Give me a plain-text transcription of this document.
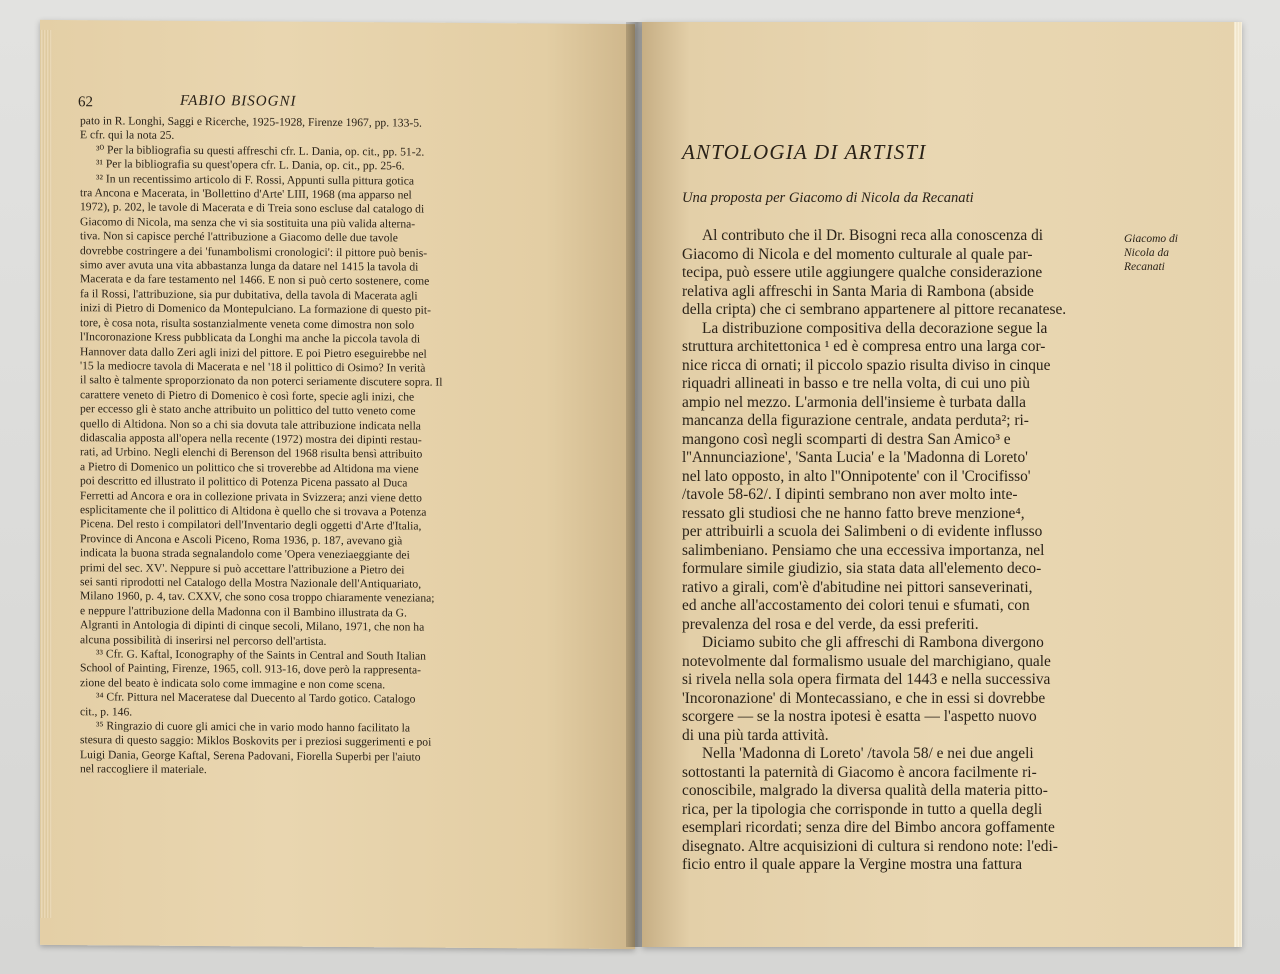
62	FABIO BISOGNI
pato in R. Longhi, Saggi e Ricerche, 1925-1928, Firenze 1967, pp. 133-5.
E cfr. qui la nota 25.
³⁰ Per la bibliografia su questi affreschi cfr. L. Dania, op. cit., pp. 51-2.
³¹ Per la bibliografia su quest'opera cfr. L. Dania, op. cit., pp. 25-6.
³² In un recentissimo articolo di F. Rossi, Appunti sulla pittura gotica
tra Ancona e Macerata, in 'Bollettino d'Arte' LIII, 1968 (ma apparso nel
1972), p. 202, le tavole di Macerata e di Treia sono escluse dal catalogo di
Giacomo di Nicola, ma senza che vi sia sostituita una più valida alterna-
tiva. Non si capisce perché l'attribuzione a Giacomo delle due tavole
dovrebbe costringere a dei 'funambolismi cronologici': il pittore può benis-
simo aver avuta una vita abbastanza lunga da datare nel 1415 la tavola di
Macerata e da fare testamento nel 1466. E non si può certo sostenere, come
fa il Rossi, l'attribuzione, sia pur dubitativa, della tavola di Macerata agli
inizi di Pietro di Domenico da Montepulciano. La formazione di questo pit-
tore, è cosa nota, risulta sostanzialmente veneta come dimostra non solo
l'Incoronazione Kress pubblicata da Longhi ma anche la piccola tavola di
Hannover data dallo Zeri agli inizi del pittore. E poi Pietro eseguirebbe nel
'15 la mediocre tavola di Macerata e nel '18 il polittico di Osimo? In verità
il salto è talmente sproporzionato da non poterci seriamente discutere sopra. Il
carattere veneto di Pietro di Domenico è così forte, specie agli inizi, che
per eccesso gli è stato anche attribuito un polittico del tutto veneto come
quello di Altidona. Non so a chi sia dovuta tale attribuzione indicata nella
didascalia apposta all'opera nella recente (1972) mostra dei dipinti restau-
rati, ad Urbino. Negli elenchi di Berenson del 1968 risulta bensì attribuito
a Pietro di Domenico un polittico che si troverebbe ad Altidona ma viene
poi descritto ed illustrato il polittico di Potenza Picena passato al Duca
Ferretti ad Ancora e ora in collezione privata in Svizzera; anzi viene detto
esplicitamente che il polittico di Altidona è quello che si trovava a Potenza
Picena. Del resto i compilatori dell'Inventario degli oggetti d'Arte d'Italia,
Province di Ancona e Ascoli Piceno, Roma 1936, p. 187, avevano già
indicata la buona strada segnalandolo come 'Opera veneziaeggiante dei
primi del sec. XV'. Neppure si può accettare l'attribuzione a Pietro dei
sei santi riprodotti nel Catalogo della Mostra Nazionale dell'Antiquariato,
Milano 1960, p. 4, tav. CXXV, che sono cosa troppo chiaramente veneziana;
e neppure l'attribuzione della Madonna con il Bambino illustrata da G.
Algranti in Antologia di dipinti di cinque secoli, Milano, 1971, che non ha
alcuna possibilità di inserirsi nel percorso dell'artista.
³³ Cfr. G. Kaftal, Iconography of the Saints in Central and South Italian
School of Painting, Firenze, 1965, coll. 913-16, dove però la rappresenta-
zione del beato è indicata solo come immagine e non come scena.
³⁴ Cfr. Pittura nel Maceratese dal Duecento al Tardo gotico. Catalogo
cit., p. 146.
³⁵ Ringrazio di cuore gli amici che in vario modo hanno facilitato la
stesura di questo saggio: Miklos Boskovits per i preziosi suggerimenti e poi
Luigi Dania, George Kaftal, Serena Padovani, Fiorella Superbi per l'aiuto
nel raccogliere il materiale.
ANTOLOGIA DI ARTISTI
Una proposta per Giacomo di Nicola da Recanati
Al contributo che il Dr. Bisogni reca alla conoscenza di
Giacomo di Nicola e del momento culturale al quale par-
tecipa, può essere utile aggiungere qualche considerazione
relativa agli affreschi in Santa Maria di Rambona (abside
della cripta) che ci sembrano appartenere al pittore recanatese.
La distribuzione compositiva della decorazione segue la
struttura architettonica ¹ ed è compresa entro una larga cor-
nice ricca di ornati; il piccolo spazio risulta diviso in cinque
riquadri allineati in basso e tre nella volta, di cui uno più
ampio nel mezzo. L'armonia dell'insieme è turbata dalla
mancanza della figurazione centrale, andata perduta²; ri-
mangono così negli scomparti di destra San Amico³ e
l''Annunciazione', 'Santa Lucia' e la 'Madonna di Loreto'
nel lato opposto, in alto l''Onnipotente' con il 'Crocifisso'
/tavole 58-62/. I dipinti sembrano non aver molto inte-
ressato gli studiosi che ne hanno fatto breve menzione⁴,
per attribuirli a scuola dei Salimbeni o di evidente influsso
salimbeniano. Pensiamo che una eccessiva importanza, nel
formulare simile giudizio, sia stata data all'elemento deco-
rativo a girali, com'è d'abitudine nei pittori sanseverinati,
ed anche all'accostamento dei colori tenui e sfumati, con
prevalenza del rosa e del verde, da essi preferiti.
Diciamo subito che gli affreschi di Rambona divergono
notevolmente dal formalismo usuale del marchigiano, quale
si rivela nella sola opera firmata del 1443 e nella successiva
'Incoronazione' di Montecassiano, e che in essi si dovrebbe
scorgere — se la nostra ipotesi è esatta — l'aspetto nuovo
di una più tarda attività.
Nella 'Madonna di Loreto' /tavola 58/ e nei due angeli
sottostanti la paternità di Giacomo è ancora facilmente ri-
conoscibile, malgrado la diversa qualità della materia pitto-
rica, per la tipologia che corrisponde in tutto a quella degli
esemplari ricordati; senza dire del Bimbo ancora goffamente
disegnato. Altre acquisizioni di cultura si rendono note: l'edi-
ficio entro il quale appare la Vergine mostra una fattura
Giacomo di
Nicola da
Recanati
